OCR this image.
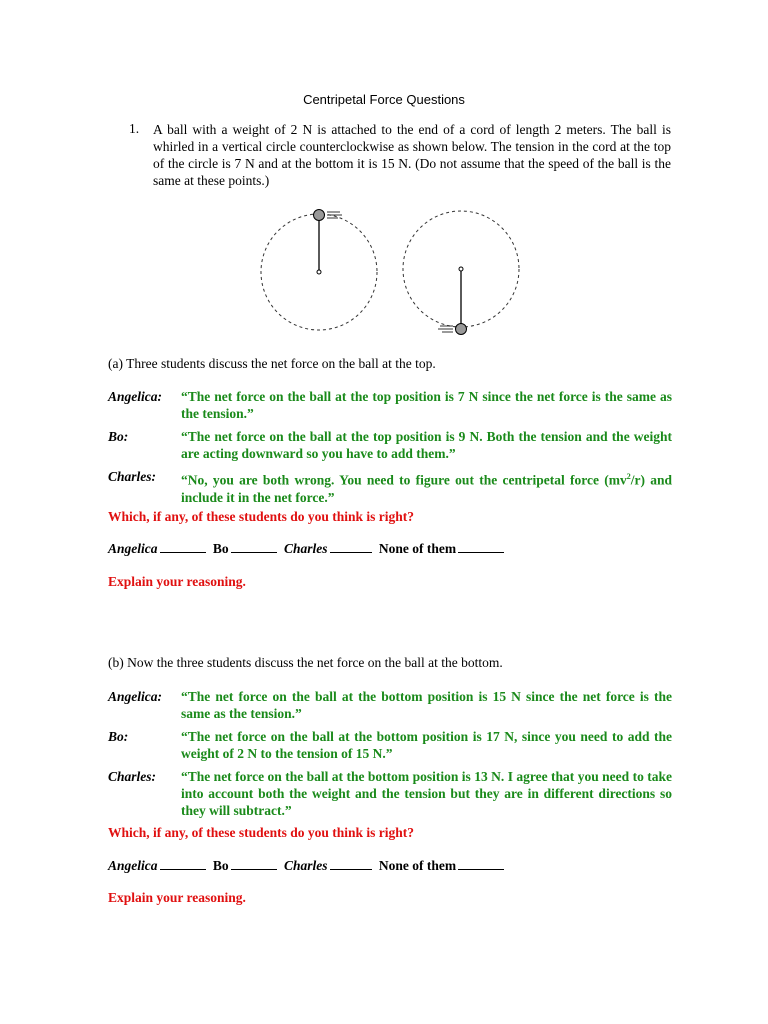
Centripetal Force Questions
1. A ball with a weight of 2 N is attached to the end of a cord of length 2 meters. The ball is whirled in a vertical circle counterclockwise as shown below. The tension in the cord at the top of the circle is 7 N and at the bottom it is 15 N. (Do not assume that the speed of the ball is the same at these points.)
(a) Three students discuss the net force on the ball at the top.
Angelica: “The net force on the ball at the top position is 7 N since the net force is the same as the tension.”
Bo:	“The net force on the ball at the top position is 9 N. Both the tension and the weight are acting downward so you have to add them.”
Charles: “No, you are both wrong. You need to figure out the centripetal force $(mv^2/r)$ and include it in the net force.”
Which, if any, of these students do you think is right?
Angelica	Bo	Charles	None of them
Explain your reasoning.
(b) Now the three students discuss the net force on the ball at the bottom.
Angelica: “The net force on the ball at the bottom position is 15 N since the net force is the same as the tension.”
Bo:	“The net force on the ball at the bottom position is 17 N, since you need to add the weight of 2 N to the tension of 15 N.”
Charles: “The net force on the ball at the bottom position is 13 N. I agree that you need to take into account both the weight and the tension but they are in different directions so they will subtract.”
Which, if any, of these students do you think is right?
Angelica	Bo	Charles	None of them
Explain your reasoning.
